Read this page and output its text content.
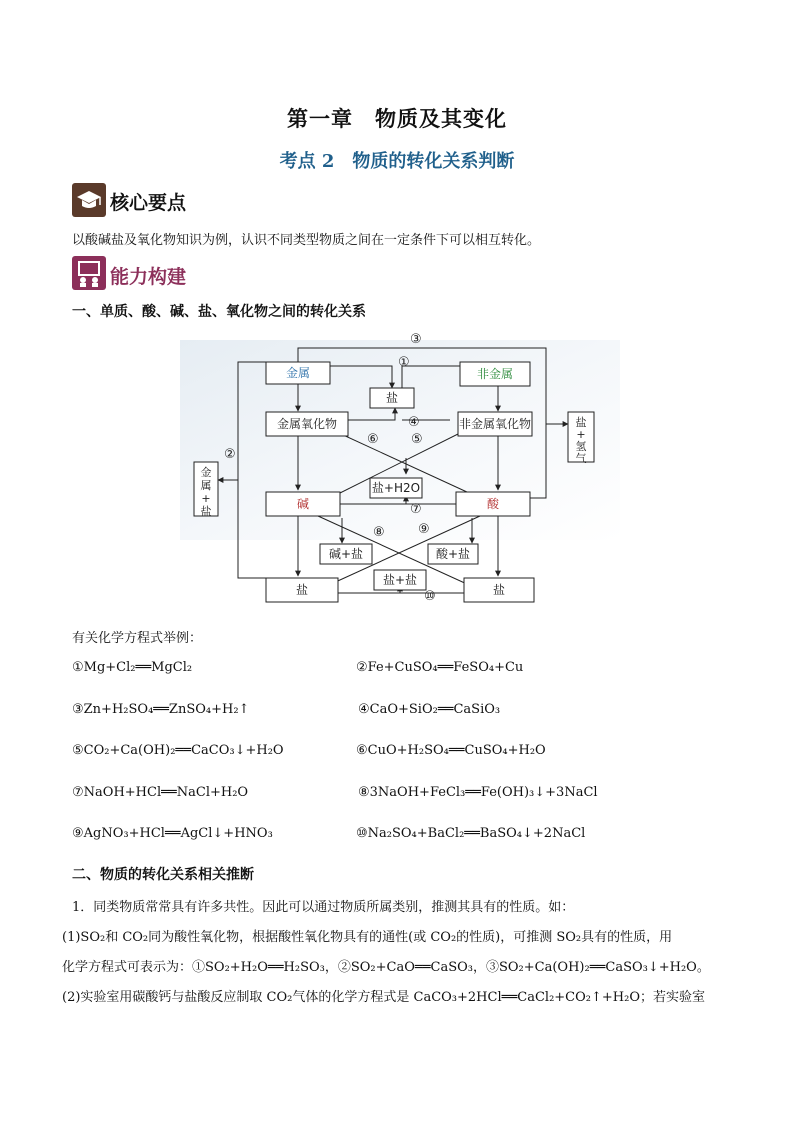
第一章　物质及其变化
考点 2　物质的转化关系判断
核心要点
以酸碱盐及氧化物知识为例，认识不同类型物质之间在一定条件下可以相互转化。
能力构建
一、单质、酸、碱、盐、氧化物之间的转化关系
金属	非金属
盐
金属氧化物	非金属氧化物
金属+盐
盐+氢气
盐+H2O
碱	酸
碱+盐	酸+盐
盐+盐
盐	盐
①
②
③
④
⑤
⑥
⑦
⑧	⑨
⑩
有关化学方程式举例：
①Mg+Cl₂══MgCl₂	②Fe+CuSO₄══FeSO₄+Cu
③Zn+H₂SO₄══ZnSO₄+H₂↑	④CaO+SiO₂══CaSiO₃
⑤CO₂+Ca(OH)₂══CaCO₃↓+H₂O	⑥CuO+H₂SO₄══CuSO₄+H₂O
⑦NaOH+HCl══NaCl+H₂O	⑧3NaOH+FeCl₃══Fe(OH)₃↓+3NaCl
⑨AgNO₃+HCl══AgCl↓+HNO₃	⑩Na₂SO₄+BaCl₂══BaSO₄↓+2NaCl
二、物质的转化关系相关推断
1．同类物质常常具有许多共性。因此可以通过物质所属类别，推测其具有的性质。如：
(1)SO₂和 CO₂同为酸性氧化物，根据酸性氧化物具有的通性(或 CO₂的性质)，可推测 SO₂具有的性质，用
化学方程式可表示为：①SO₂+H₂O══H₂SO₃，②SO₂+CaO══CaSO₃，③SO₂+Ca(OH)₂══CaSO₃↓+H₂O。
(2)实验室用碳酸钙与盐酸反应制取 CO₂气体的化学方程式是 CaCO₃+2HCl══CaCl₂+CO₂↑+H₂O；若实验室
